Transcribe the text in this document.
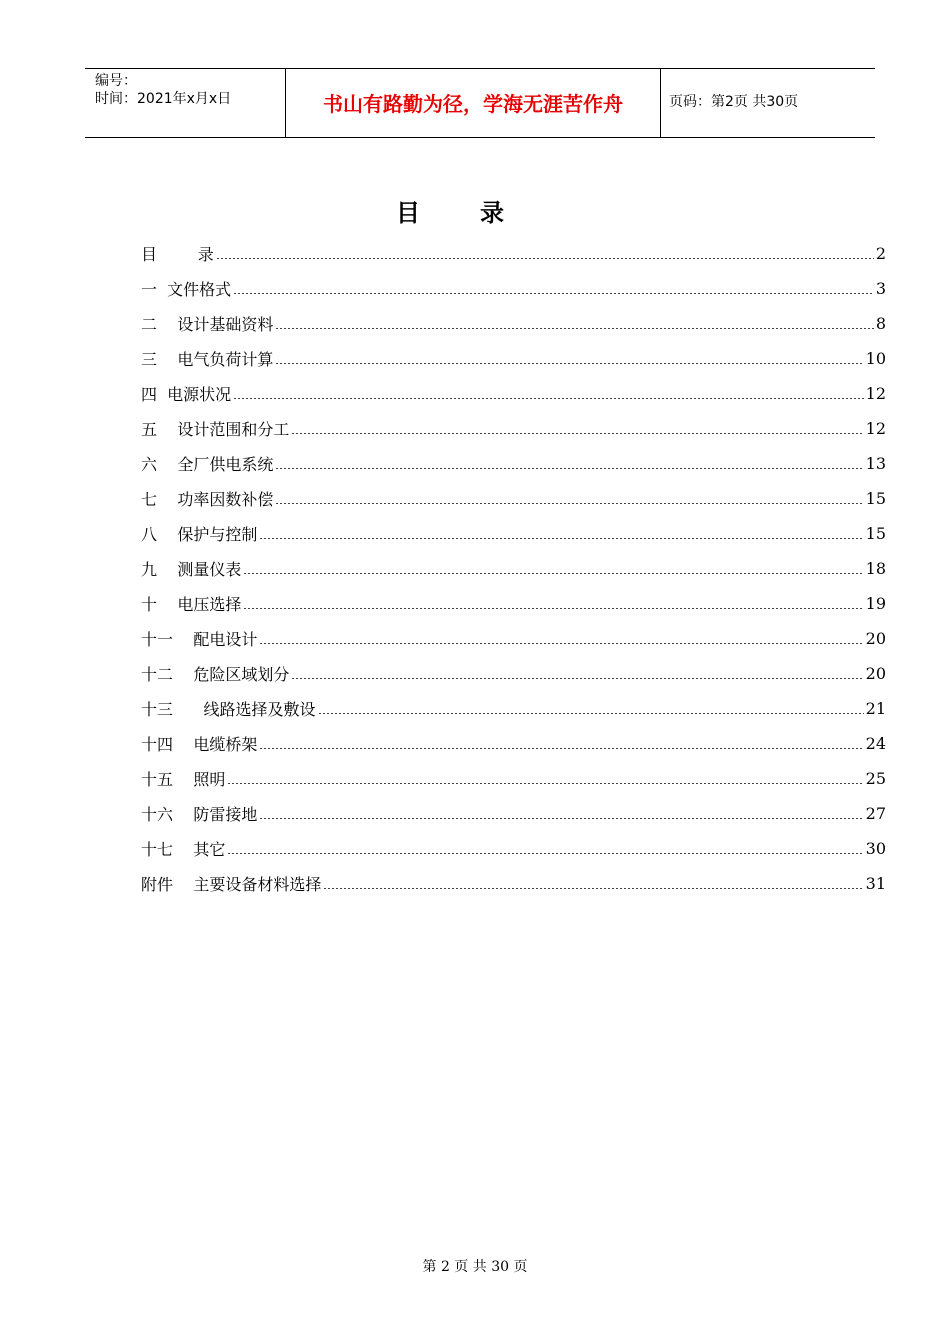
编号：
时间：2021年x月x日	书山有路勤为径，学海无涯苦作舟	页码：第2页 共30页
目录
目        录	2
一  文件格式	3
二    设计基础资料	8
三    电气负荷计算	10
四  电源状况	12
五    设计范围和分工	12
六    全厂供电系统	13
七    功率因数补偿	15
八    保护与控制	15
九    测量仪表	18
十    电压选择	19
十一    配电设计	20
十二    危险区域划分	20
十三      线路选择及敷设	21
十四    电缆桥架	24
十五    照明	25
十六    防雷接地	27
十七    其它	30
附件    主要设备材料选择	31
第 2 页 共 30 页
